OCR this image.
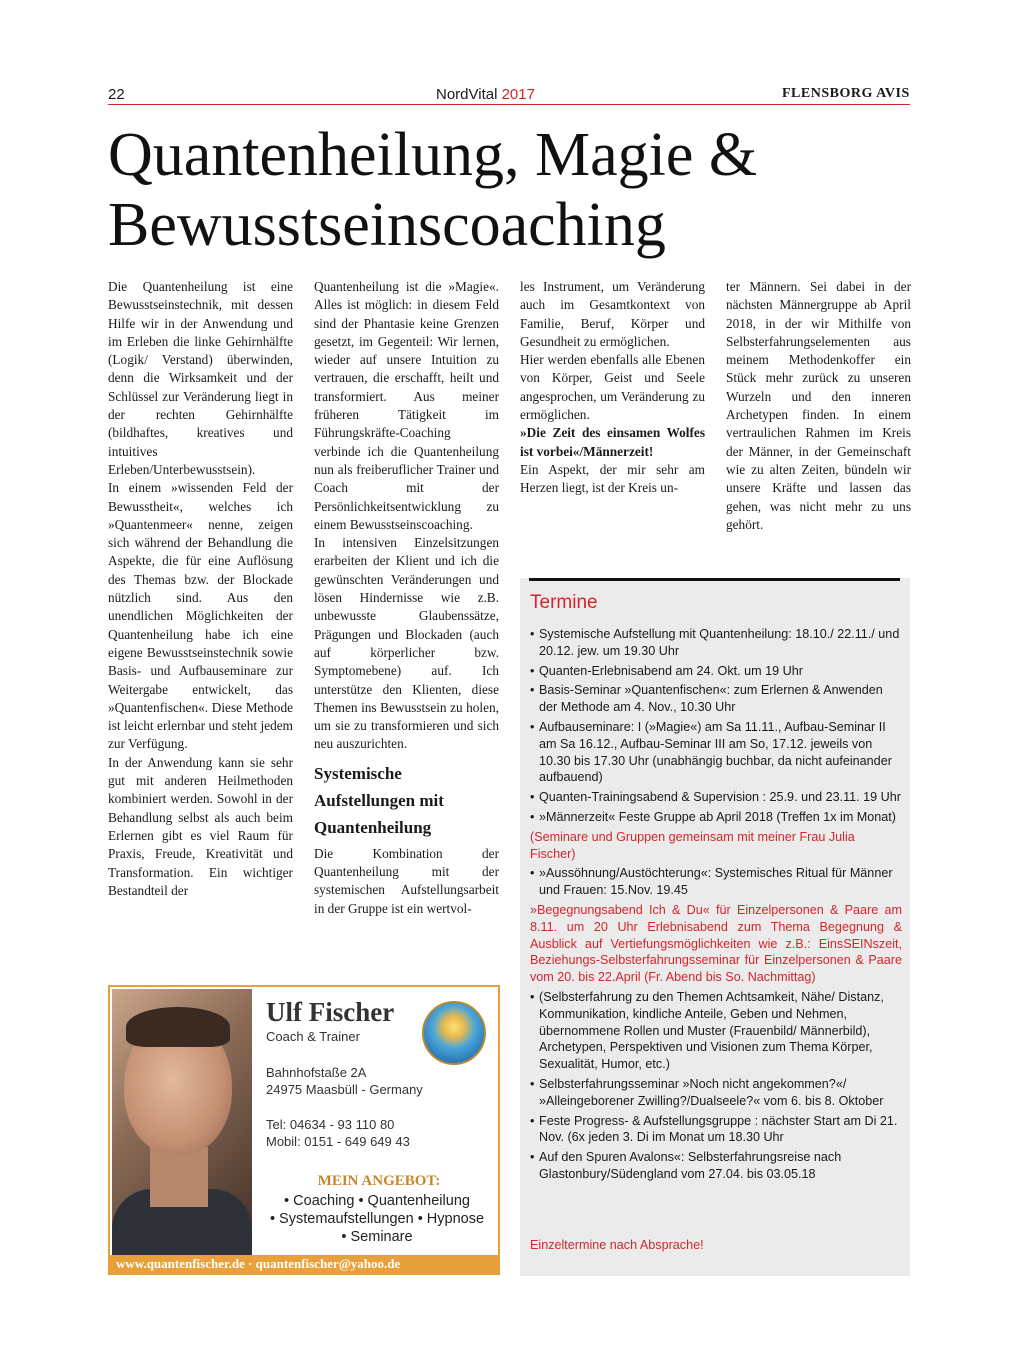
22	NordVital 2017	FLENSBORG AVIS
Quantenheilung, Magie & Bewusstseinscoaching

Die Quantenheilung ist eine Bewusstseinstechnik, mit dessen Hilfe wir in der Anwendung und im Erleben die linke Gehirnhälfte (Logik/ Verstand) überwinden, denn die Wirksamkeit und der Schlüssel zur Veränderung liegt in der rechten Gehirnhälfte (bildhaftes, kreatives und intuitives Erleben/Unterbewusstsein).

In einem »wissenden Feld der Bewusstheit«, welches ich »Quantenmeer« nenne, zeigen sich während der Behandlung die Aspekte, die für eine Auflösung des Themas bzw. der Blockade nützlich sind. Aus den unendlichen Möglichkeiten der Quantenheilung habe ich eine eigene Bewusstseinstechnik sowie Basis- und Aufbauseminare zur Weitergabe entwickelt, das »Quantenfischen«. Diese Methode ist leicht erlernbar und steht jedem zur Verfügung.

In der Anwendung kann sie sehr gut mit anderen Heilmethoden kombiniert werden. Sowohl in der Behandlung selbst als auch beim Erlernen gibt es viel Raum für Praxis, Freude, Kreativität und Transformation. Ein wichtiger Bestandteil der

Quantenheilung ist die »Magie«. Alles ist möglich: in diesem Feld sind der Phantasie keine Grenzen gesetzt, im Gegenteil: Wir lernen, wieder auf unsere Intuition zu vertrauen, die erschafft, heilt und transformiert. Aus meiner früheren Tätigkeit im Führungskräfte-Coaching verbinde ich die Quantenheilung nun als freiberuflicher Trainer und Coach mit der Persönlichkeitsentwicklung zu einem Bewusstseinscoaching.

In intensiven Einzelsitzungen erarbeiten der Klient und ich die gewünschten Veränderungen und lösen Hindernisse wie z.B. unbewusste Glaubenssätze, Prägungen und Blockaden (auch auf körperlicher bzw. Symptomebene) auf. Ich unterstütze den Klienten, diese Themen ins Bewusstsein zu holen, um sie zu transformieren und sich neu auszurichten.

Systemische Aufstellungen mit Quantenheilung

Die Kombination der Quantenheilung mit der systemischen Aufstellungsarbeit in der Gruppe ist ein wertvol-

les Instrument, um Veränderung auch im Gesamtkontext von Familie, Beruf, Körper und Gesundheit zu ermöglichen.

Hier werden ebenfalls alle Ebenen von Körper, Geist und Seele angesprochen, um Veränderung zu ermöglichen.

»Die Zeit des einsamen Wolfes ist vorbei«/Männerzeit!

Ein Aspekt, der mir sehr am Herzen liegt, ist der Kreis un-

ter Männern. Sei dabei in der nächsten Männergruppe ab April 2018, in der wir Mithilfe von Selbsterfahrungselementen aus meinem Methodenkoffer ein Stück mehr zurück zu unseren Wurzeln und den inneren Archetypen finden. In einem vertraulichen Rahmen im Kreis der Männer, in der Gemeinschaft wie zu alten Zeiten, bündeln wir unsere Kräfte und lassen das gehen, was nicht mehr zu uns gehört.

Termine
• Systemische Aufstellung mit Quantenheilung: 18.10./ 22.11./ und 20.12. jew. um 19.30 Uhr
• Quanten-Erlebnisabend am 24. Okt. um 19 Uhr
• Basis-Seminar »Quantenfischen«: zum Erlernen & Anwenden der Methode am 4. Nov., 10.30 Uhr
• Aufbauseminare: I (»Magie«) am Sa 11.11., Aufbau-Seminar II am Sa 16.12., Aufbau-Seminar III am So, 17.12. jeweils von 10.30 bis 17.30 Uhr (unabhängig buchbar, da nicht aufeinander aufbauend)
• Quanten-Trainingsabend & Supervision : 25.9. und 23.11. 19 Uhr
• »Männerzeit« Feste Gruppe ab April 2018 (Treffen 1x im Monat)
(Seminare und Gruppen gemeinsam mit meiner Frau Julia Fischer)
• »Aussöhnung/Austöchterung«: Systemisches Ritual für Männer und Frauen: 15.Nov. 19.45
»Begegnungsabend Ich & Du« für Einzelpersonen & Paare am 8.11. um 20 Uhr Erlebnisabend zum Thema Begegnung & Ausblick auf Vertiefungsmöglichkeiten wie z.B.: EinsSEINszeit, Beziehungs-Selbsterfahrungsseminar für Einzelpersonen & Paare vom 20. bis 22.April (Fr. Abend bis So. Nachmittag)
• (Selbsterfahrung zu den Themen Achtsamkeit, Nähe/ Distanz, Kommunikation, kindliche Anteile, Geben und Nehmen, übernommene Rollen und Muster (Frauenbild/ Männerbild), Archetypen, Perspektiven und Visionen zum Thema Körper, Sexualität, Humor, etc.)
• Selbsterfahrungsseminar »Noch nicht angekommen?«/ »Alleingeborener Zwilling?/Dualseele?« vom 6. bis 8. Oktober
• Feste Progress- & Aufstellungsgruppe : nächster Start am Di 21. Nov. (6x jeden 3. Di im Monat um 18.30 Uhr
• Auf den Spuren Avalons«: Selbsterfahrungsreise nach Glastonbury/Südengland vom 27.04. bis 03.05.18
Einzeltermine nach Absprache!
Ulf Fischer
Coach & Trainer
Bahnhofstaße 2A
24975 Maasbüll - Germany
Tel: 04634 - 93 110 80
Mobil: 0151 - 649 649 43
MEIN ANGEBOT:
• Coaching • Quantenheilung
• Systemaufstellungen • Hypnose
• Seminare
www.quantenfischer.de · quantenfischer@yahoo.de
